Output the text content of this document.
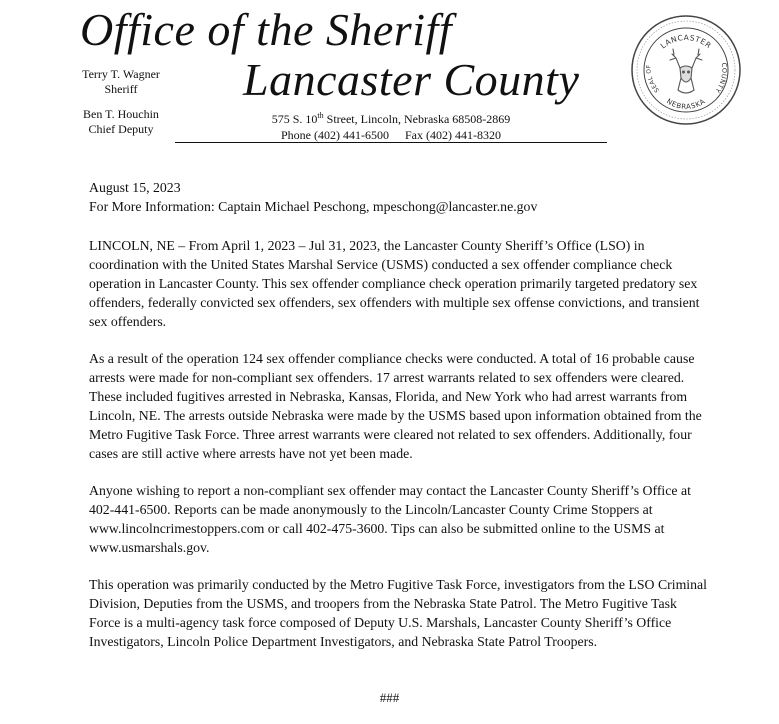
Office of the Sheriff
Lancaster County
Terry T. Wagner
Sheriff
Ben T. Houchin
Chief Deputy
575 S. 10th Street, Lincoln, Nebraska 68508-2869
Phone (402) 441-6500 Fax (402) 441-8320
LANCASTER
NEBRASKA
SEAL OF	COUNTY

August 15, 2023
For More Information: Captain Michael Peschong, mpeschong@lancaster.ne.gov

LINCOLN, NE – From April 1, 2023 – Jul 31, 2023, the Lancaster County Sheriff’s Office (LSO) in coordination with the United States Marshal Service (USMS) conducted a sex offender compliance check operation in Lancaster County. This sex offender compliance check operation primarily targeted predatory sex offenders, federally convicted sex offenders, sex offenders with multiple sex offense convictions, and transient sex offenders.

As a result of the operation 124 sex offender compliance checks were conducted. A total of 16 probable cause arrests were made for non-compliant sex offenders. 17 arrest warrants related to sex offenders were cleared. These included fugitives arrested in Nebraska, Kansas, Florida, and New York who had arrest warrants from Lincoln, NE. The arrests outside Nebraska were made by the USMS based upon information obtained from the Metro Fugitive Task Force. Three arrest warrants were cleared not related to sex offenders. Additionally, four cases are still active where arrests have not yet been made.

Anyone wishing to report a non-compliant sex offender may contact the Lancaster County Sheriff’s Office at 402-441-6500. Reports can be made anonymously to the Lincoln/Lancaster County Crime Stoppers at www.lincolncrimestoppers.com or call 402-475-3600. Tips can also be submitted online to the USMS at www.usmarshals.gov.

This operation was primarily conducted by the Metro Fugitive Task Force, investigators from the LSO Criminal Division, Deputies from the USMS, and troopers from the Nebraska State Patrol. The Metro Fugitive Task Force is a multi-agency task force composed of Deputy U.S. Marshals, Lancaster County Sheriff’s Office Investigators, Lincoln Police Department Investigators, and Nebraska State Patrol Troopers.

###
